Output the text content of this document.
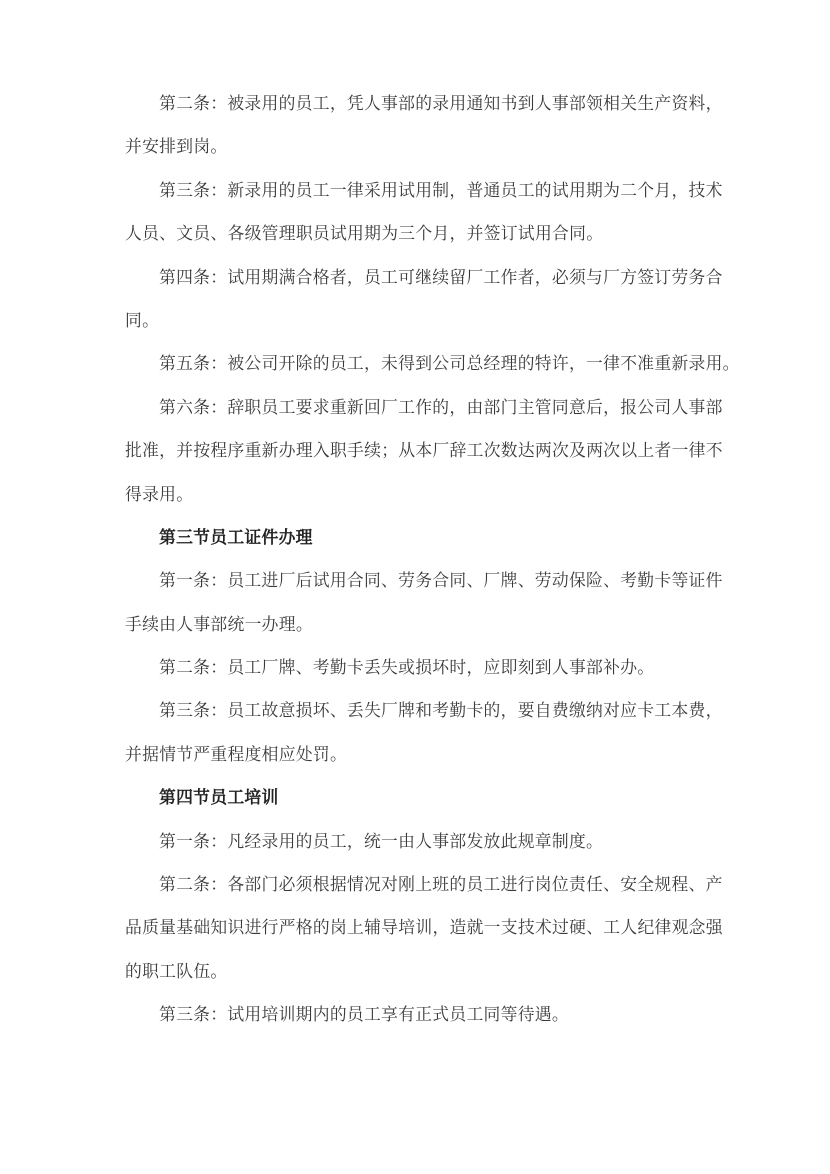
第二条：被录用的员工，凭人事部的录用通知书到人事部领相关生产资料，
并安排到岗。
第三条：新录用的员工一律采用试用制，普通员工的试用期为二个月，技术
人员、文员、各级管理职员试用期为三个月，并签订试用合同。
第四条：试用期满合格者，员工可继续留厂工作者，必须与厂方签订劳务合
同。
第五条：被公司开除的员工，未得到公司总经理的特许，一律不准重新录用。
第六条：辞职员工要求重新回厂工作的，由部门主管同意后，报公司人事部
批准，并按程序重新办理入职手续；从本厂辞工次数达两次及两次以上者一律不
得录用。
第三节员工证件办理
第一条：员工进厂后试用合同、劳务合同、厂牌、劳动保险、考勤卡等证件
手续由人事部统一办理。
第二条：员工厂牌、考勤卡丢失或损坏时，应即刻到人事部补办。
第三条：员工故意损坏、丢失厂牌和考勤卡的，要自费缴纳对应卡工本费，
并据情节严重程度相应处罚。
第四节员工培训
第一条：凡经录用的员工，统一由人事部发放此规章制度。
第二条：各部门必须根据情况对刚上班的员工进行岗位责任、安全规程、产
品质量基础知识进行严格的岗上辅导培训，造就一支技术过硬、工人纪律观念强
的职工队伍。
第三条：试用培训期内的员工享有正式员工同等待遇。
